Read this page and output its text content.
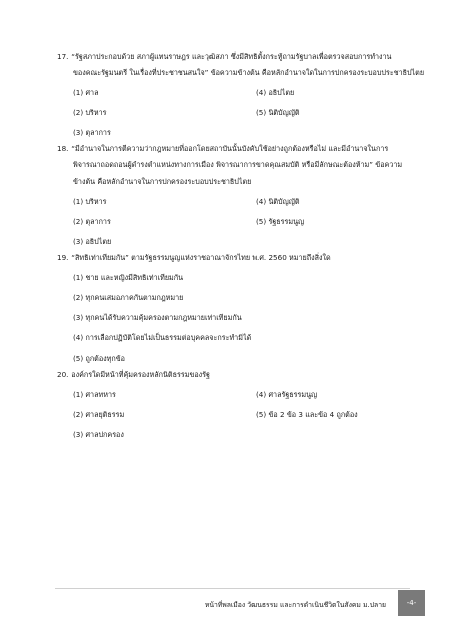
17. “รัฐสภาประกอบด้วย สภาผู้แทนราษฎร และวุฒิสภา ซึ่งมีสิทธิตั้งกระทู้ถามรัฐบาลเพื่อตรวจสอบการทำงาน
ของคณะรัฐมนตรี ในเรื่องที่ประชาชนสนใจ” ข้อความข้างต้น คือหลักอำนาจใดในการปกครองระบอบประชาธิปไตย
(1) ศาล
(2) บริหาร
(3) ตุลาการ
(4) อธิปไตย
(5) นิติบัญญัติ
18. “มีอำนาจในการตีความว่ากฎหมายที่ออกโดยสถาบันนั้นบังคับใช้อย่างถูกต้องหรือไม่ และมีอำนาจในการ
พิจารณาถอดถอนผู้ดำรงตำแหน่งทางการเมือง พิจารณาการขาดคุณสมบัติ หรือมีลักษณะต้องห้าม” ข้อความ
ข้างต้น คือหลักอำนาจในการปกครองระบอบประชาธิปไตย
(1) บริหาร
(2) ตุลาการ
(3) อธิปไตย
(4) นิติบัญญัติ
(5) รัฐธรรมนูญ
19. “สิทธิเท่าเทียมกัน” ตามรัฐธรรมนูญแห่งราชอาณาจักรไทย พ.ศ. 2560 หมายถึงสิ่งใด
(1) ชาย และหญิงมีสิทธิเท่าเทียมกัน
(2) ทุกคนเสมอภาคกันตามกฎหมาย
(3) ทุกคนได้รับความคุ้มครองตามกฎหมายเท่าเทียมกัน
(4) การเลือกปฏิบัติโดยไม่เป็นธรรมต่อบุคคลจะกระทำมิได้
(5) ถูกต้องทุกข้อ
20. องค์กรใดมีหน้าที่คุ้มครองหลักนิติธรรมของรัฐ
(1) ศาลทหาร
(2) ศาลยุติธรรม
(3) ศาลปกครอง
(4) ศาลรัฐธรรมนูญ
(5) ข้อ 2 ข้อ 3 และข้อ 4 ถูกต้อง
หน้าที่พลเมือง วัฒนธรรม และการดำเนินชีวิตในสังคม ม.ปลาย	-4-
